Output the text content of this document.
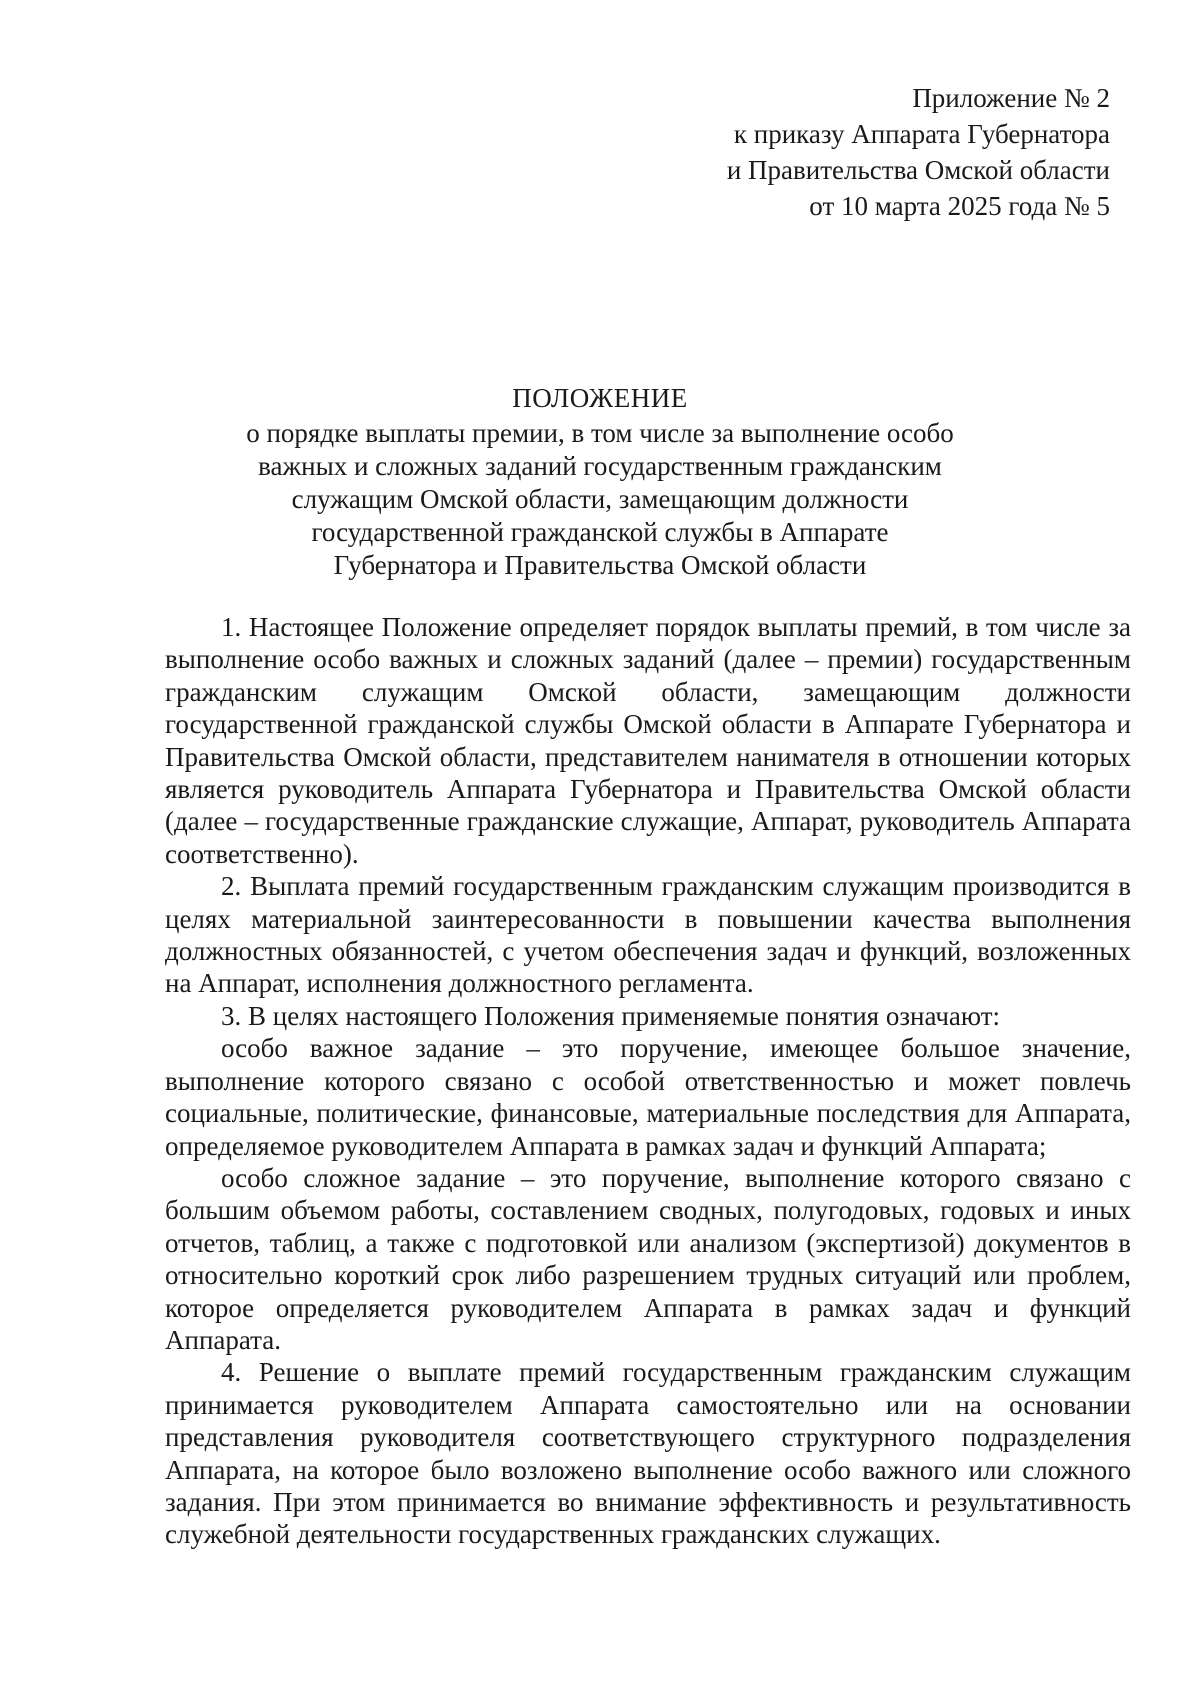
Приложение № 2
к приказу Аппарата Губернатора
и Правительства Омской области
от 10 марта 2025 года № 5
ПОЛОЖЕНИЕ
о порядке выплаты премии, в том числе за выполнение особо
важных и сложных заданий государственным гражданским
служащим Омской области, замещающим должности
государственной гражданской службы в Аппарате
Губернатора и Правительства Омской области

1. Настоящее Положение определяет порядок выплаты премий, в том числе за выполнение особо важных и сложных заданий (далее – премии) государственным гражданским служащим Омской области, замещающим должности государственной гражданской службы Омской области в Аппарате Губернатора и Правительства Омской области, представителем нанимателя в отношении которых является руководитель Аппарата Губернатора и Правительства Омской области (далее – государственные гражданские служащие, Аппарат, руководитель Аппарата соответственно).

2. Выплата премий государственным гражданским служащим производится в целях материальной заинтересованности в повышении качества выполнения должностных обязанностей, с учетом обеспечения задач и функций, возложенных на Аппарат, исполнения должностного регламента.

3. В целях настоящего Положения применяемые понятия означают:

особо важное задание – это поручение, имеющее большое значение, выполнение которого связано с особой ответственностью и может повлечь социальные, политические, финансовые, материальные последствия для Аппарата, определяемое руководителем Аппарата в рамках задач и функций Аппарата;

особо сложное задание – это поручение, выполнение которого связано с большим объемом работы, составлением сводных, полугодовых, годовых и иных отчетов, таблиц, а также с подготовкой или анализом (экспертизой) документов в относительно короткий срок либо разрешением трудных ситуаций или проблем, которое определяется руководителем Аппарата в рамках задач и функций Аппарата.

4. Решение о выплате премий государственным гражданским служащим принимается руководителем Аппарата самостоятельно или на основании представления руководителя соответствующего структурного подразделения Аппарата, на которое было возложено выполнение особо важного или сложного задания. При этом принимается во внимание эффективность и результативность служебной деятельности государственных гражданских служащих.
